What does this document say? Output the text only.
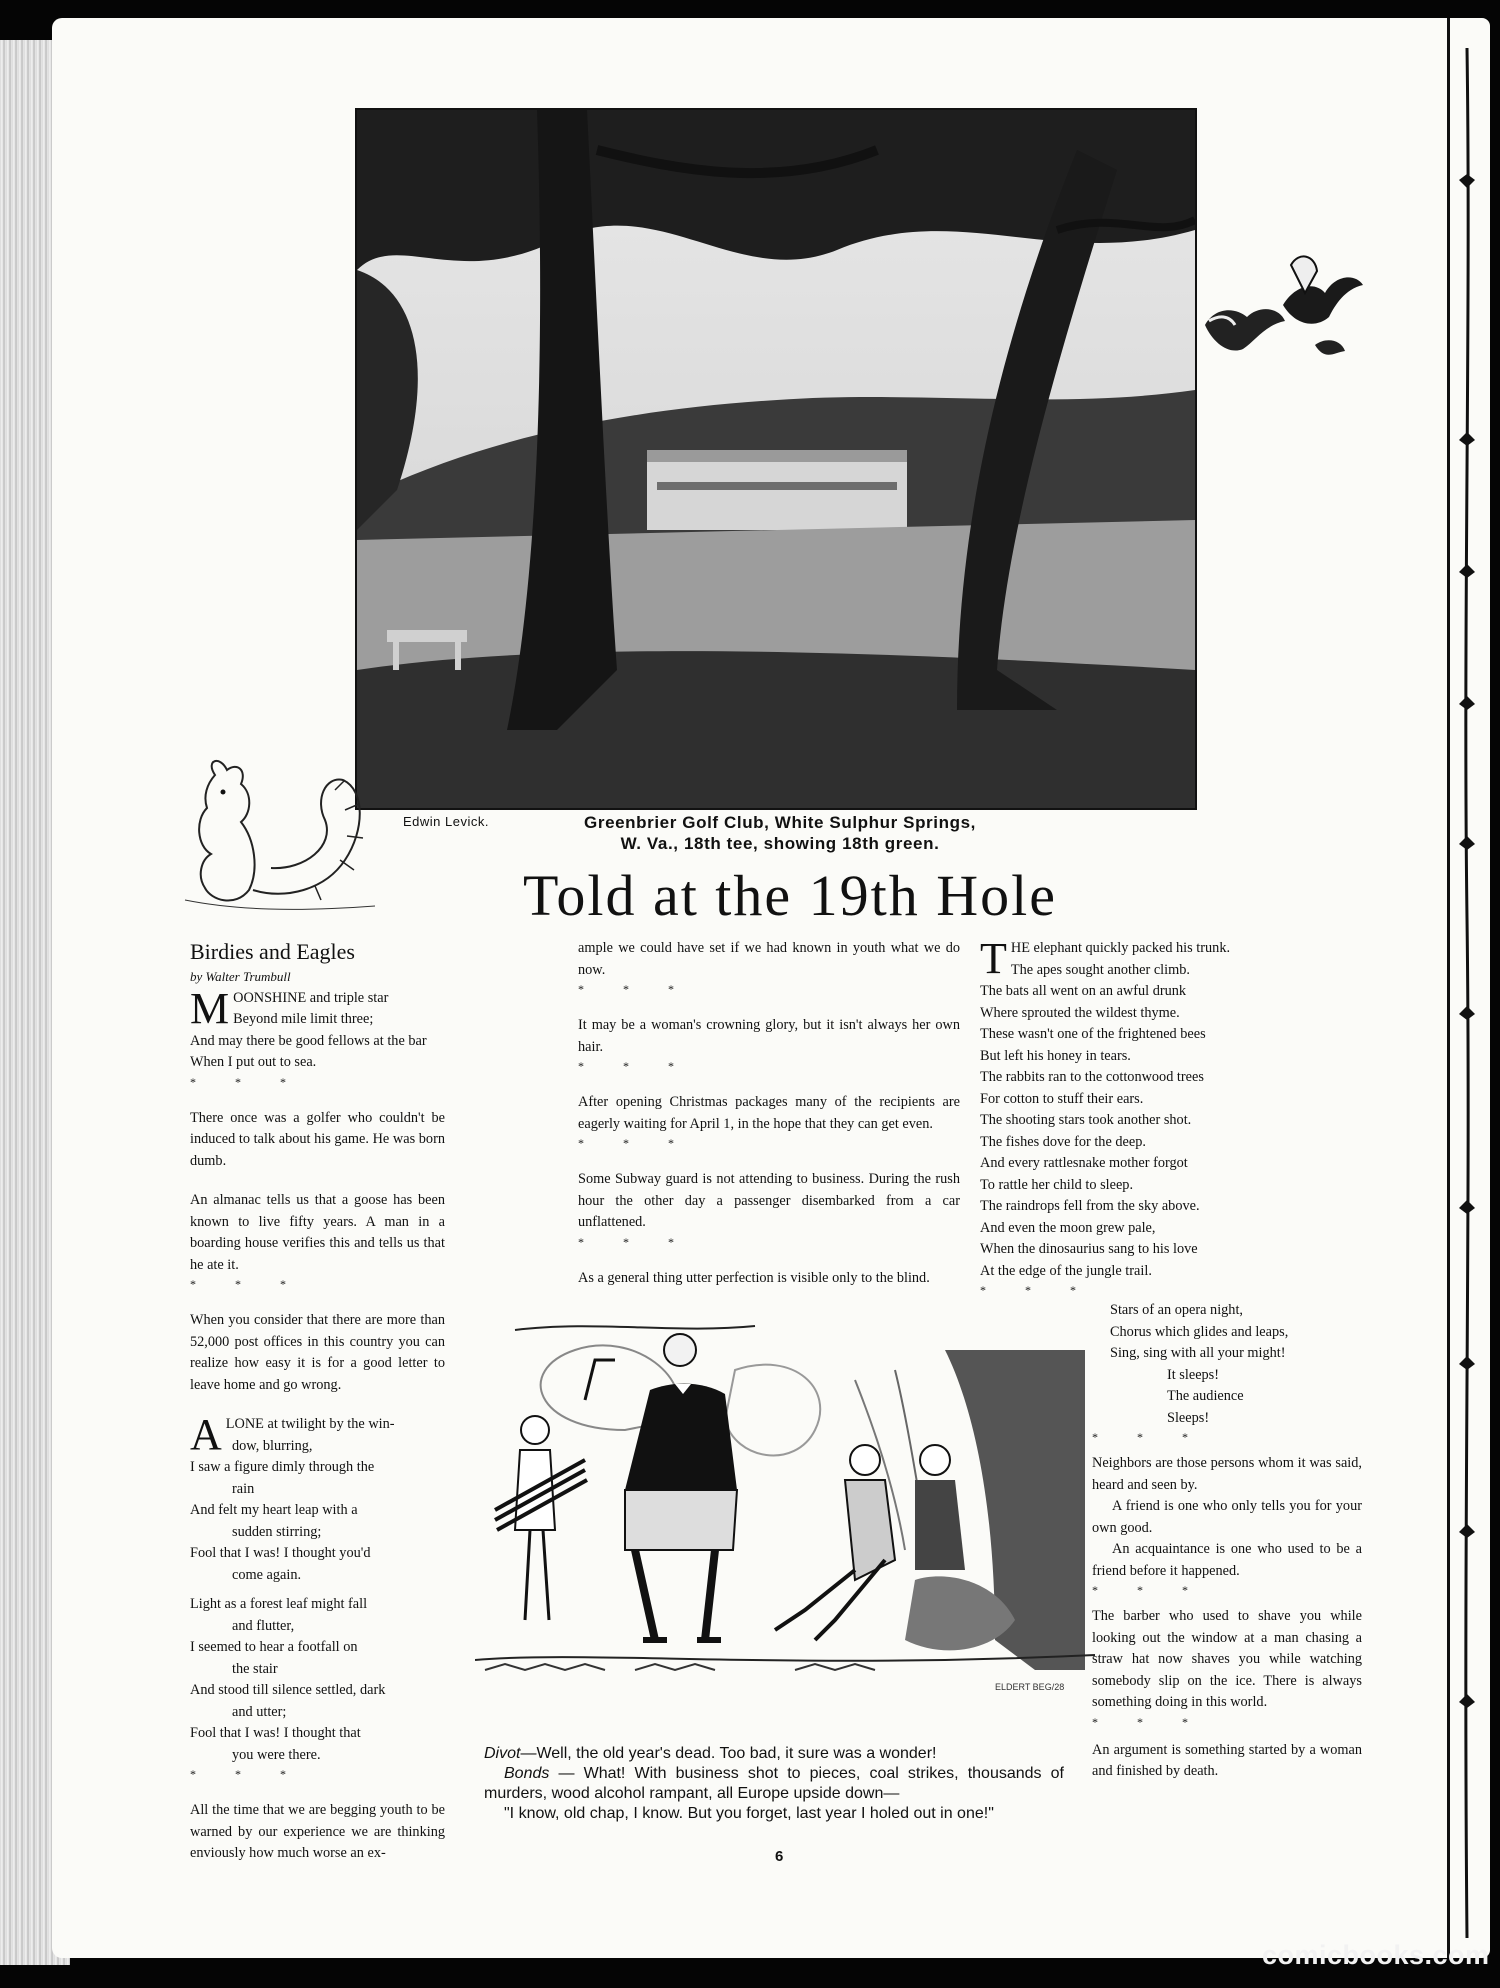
Edwin Levick.	Greenbrier Golf Club, White Sulphur Springs,
W. Va., 18th tee, showing 18th green.
Told at the 19th Hole

Birdies and Eagles

by Walter Trumbull

MOONSHINE and triple star

Beyond mile limit three;

And may there be good fellows at the bar

When I put out to sea.

* * *

There once was a golfer who couldn't be induced to talk about his game. He was born dumb.

An almanac tells us that a goose has been known to live fifty years. A man in a boarding house verifies this and tells us that he ate it.

* * *

When you consider that there are more than 52,000 post offices in this country you can realize how easy it is for a good letter to leave home and go wrong.

ALONE at twilight by the win-

dow, blurring,

I saw a figure dimly through the

rain

And felt my heart leap with a

sudden stirring;

Fool that I was! I thought you'd

come again.

Light as a forest leaf might fall

and flutter,

I seemed to hear a footfall on

the stair

And stood till silence settled, dark

and utter;

Fool that I was! I thought that

you were there.

* * *

All the time that we are begging youth to be warned by our experience we are thinking enviously how much worse an ex-

ample we could have set if we had known in youth what we do now.

* * *

It may be a woman's crowning glory, but it isn't always her own hair.

* * *

After opening Christmas packages many of the recipients are eagerly waiting for April 1, in the hope that they can get even.

* * *

Some Subway guard is not attending to business. During the rush hour the other day a passenger disembarked from a car unflattened.

* * *

As a general thing utter perfection is visible only to the blind.

THE elephant quickly packed his trunk.

The apes sought another climb.

The bats all went on an awful drunk

Where sprouted the wildest thyme.

These wasn't one of the frightened bees

But left his honey in tears.

The rabbits ran to the cottonwood trees

For cotton to stuff their ears.

The shooting stars took another shot.

The fishes dove for the deep.

And every rattlesnake mother forgot

To rattle her child to sleep.

The raindrops fell from the sky above.

And even the moon grew pale,

When the dinosaurius sang to his love

At the edge of the jungle trail.

* * *

Stars of an opera night,

Chorus which glides and leaps,

Sing, sing with all your might!

It sleeps!

The audience

Sleeps!

* * *

Neighbors are those persons whom it was said, heard and seen by.

A friend is one who only tells you for your own good.

An acquaintance is one who used to be a friend before it happened.

* * *

The barber who used to shave you while looking out the window at a man chasing a straw hat now shaves you while watching somebody slip on the ice. There is always something doing in this world.

* * *

An argument is something started by a woman and finished by death.

ELDERT BEG/28

Divot—Well, the old year's dead. Too bad, it sure was a wonder!

Bonds — What! With business shot to pieces, coal strikes, thousands of murders, wood alcohol rampant, all Europe upside down—

"I know, old chap, I know. But you forget, last year I holed out in one!"

6
comicbooks.com
